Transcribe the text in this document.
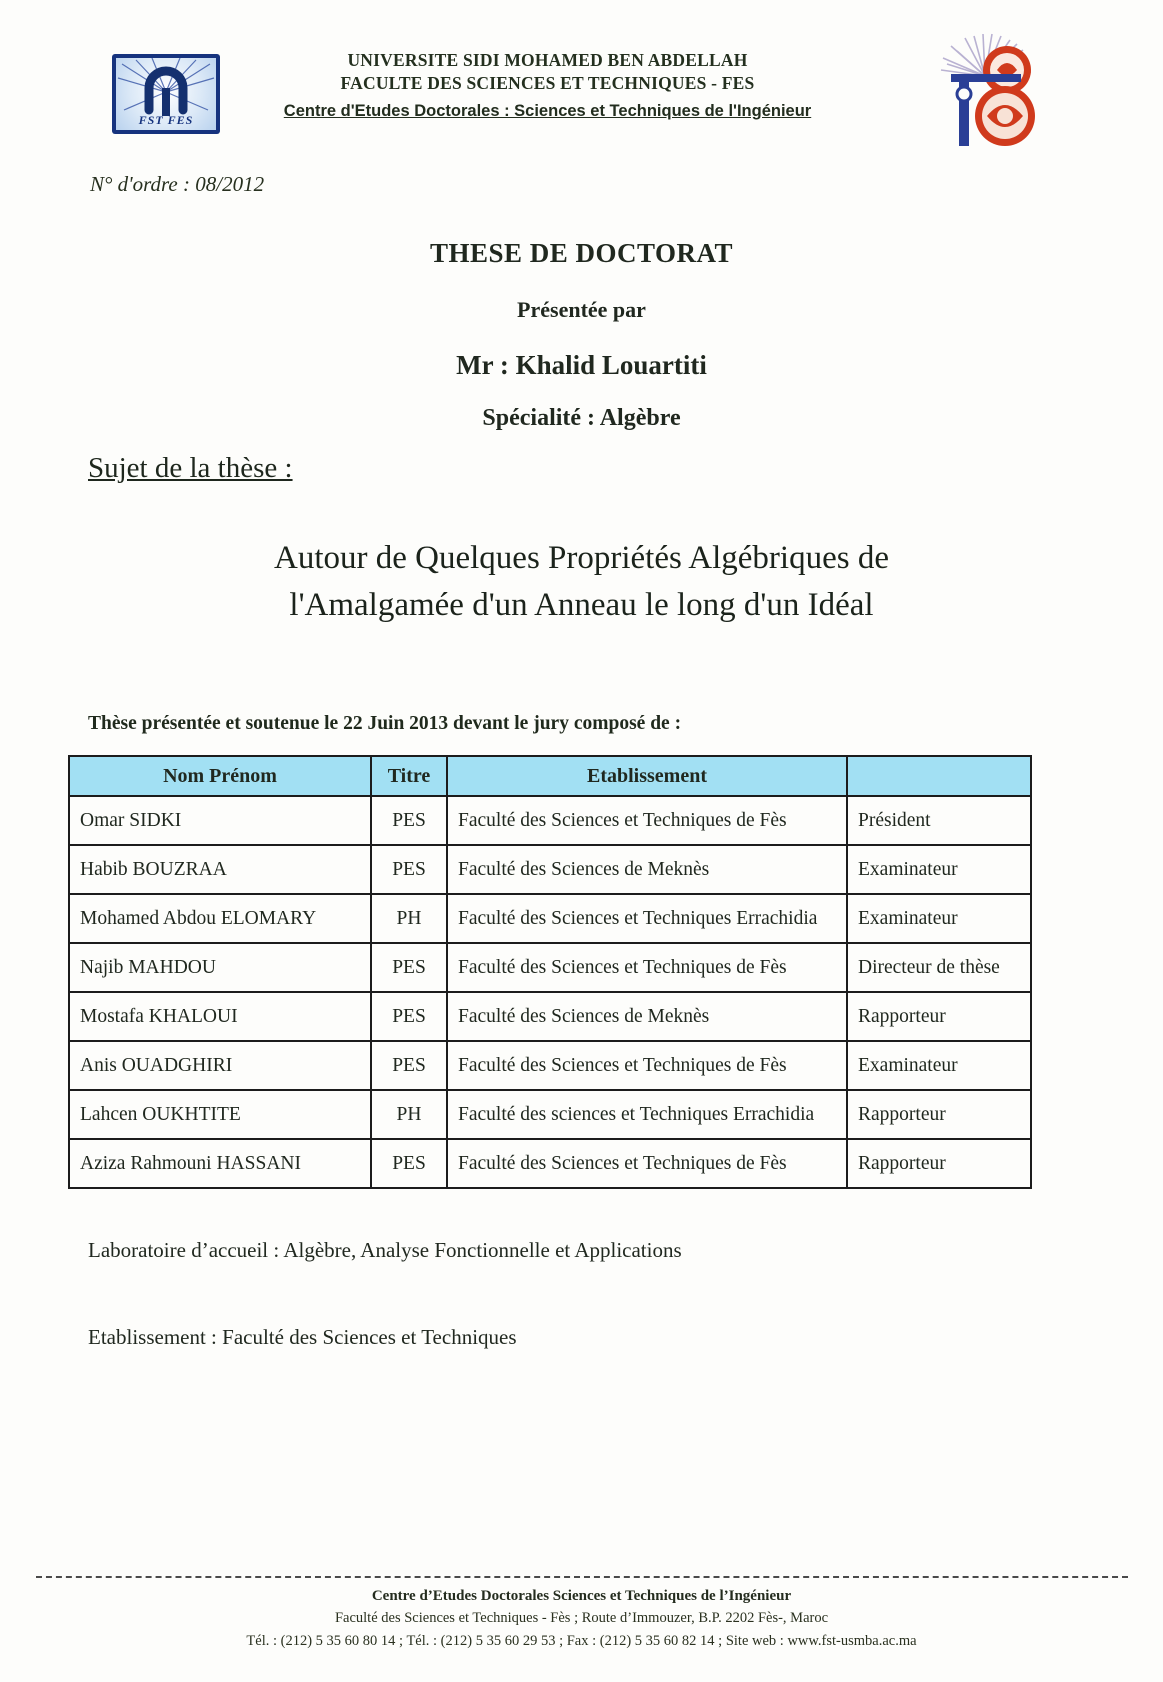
FST FES
UNIVERSITE SIDI MOHAMED BEN ABDELLAH
FACULTE DES SCIENCES ET TECHNIQUES - FES
Centre d'Etudes Doctorales : Sciences et Techniques de l'Ingénieur
N° d'ordre : 08/2012
THESE DE DOCTORAT
Présentée par
Mr : Khalid Louartiti
Spécialité : Algèbre
Sujet de la thèse :
Autour de Quelques Propriétés Algébriques de
l'Amalgamée d'un Anneau le long d'un Idéal
Thèse présentée et soutenue le 22 Juin 2013 devant le jury composé de :
Nom Prénom	Titre	Etablissement	
Omar SIDKI	PES	Faculté des Sciences et Techniques de Fès	Président
Habib BOUZRAA	PES	Faculté des Sciences de Meknès	Examinateur
Mohamed Abdou ELOMARY	PH	Faculté des Sciences et Techniques Errachidia	Examinateur
Najib MAHDOU	PES	Faculté des Sciences et Techniques de Fès	Directeur de thèse
Mostafa KHALOUI	PES	Faculté des Sciences de Meknès	Rapporteur
Anis OUADGHIRI	PES	Faculté des Sciences et Techniques de Fès	Examinateur
Lahcen OUKHTITE	PH	Faculté des sciences et Techniques Errachidia	Rapporteur
Aziza Rahmouni HASSANI	PES	Faculté des Sciences et Techniques de Fès	Rapporteur
Laboratoire d’accueil : Algèbre, Analyse Fonctionnelle et Applications
Etablissement : Faculté des Sciences et Techniques
Centre d’Etudes Doctorales Sciences et Techniques de l’Ingénieur
Faculté des Sciences et Techniques - Fès ; Route d’Immouzer, B.P. 2202 Fès-, Maroc
Tél. : (212) 5 35 60 80 14 ; Tél. : (212) 5 35 60 29 53 ; Fax : (212) 5 35 60 82 14 ; Site web : www.fst-usmba.ac.ma
